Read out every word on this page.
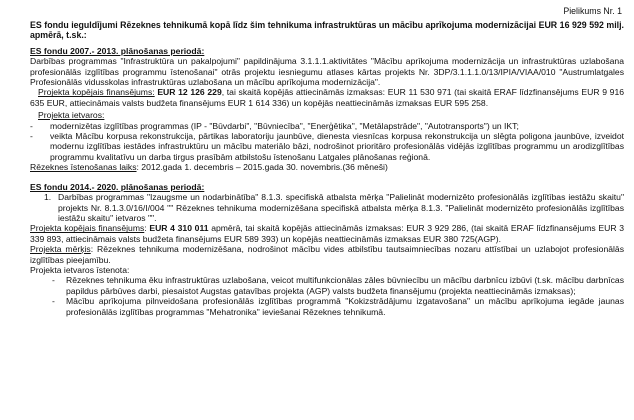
Pielikums Nr. 1

ES fondu ieguldījumi Rēzeknes tehnikumā kopā līdz šim tehnikuma infrastruktūras un mācību aprīkojuma modernizācijai EUR 16 929 592 milj. apmērā, t.sk.:

ES fondu 2007.- 2013. plānošanas periodā:

Darbības programmas "Infrastruktūra un pakalpojumi" papildinājuma 3.1.1.1.aktivitātes "Mācību aprīkojuma modernizācija un infrastruktūras uzlabošana profesionālās izglītības programmu īstenošanai" otrās projektu iesniegumu atlases kārtas projekts Nr. 3DP/3.1.1.1.0/13/IPIA/VIAA/010 "Austrumlatgales Profesionālās vidusskolas infrastruktūras uzlabošana un mācību aprīkojuma modernizācija".

Projekta kopējais finansējums: EUR 12 126 229, tai skaitā kopējās attiecināmās izmaksas: EUR 11 530 971 (tai skaitā ERAF līdzfinansējums EUR 9 916 635 EUR, attiecināmais valsts budžeta finansējums EUR 1 614 336) un kopējās neattiecināmās izmaksas EUR 595 258.

Projekta ietvaros:

-	modernizētas izglītības programmas (IP - "Būvdarbi", "Būvniecība", "Enerģētika", "Metālapstrāde", "Autotransports") un IKT;
-	veikta Mācību korpusa rekonstrukcija, pārtikas laboratoriju jaunbūve, dienesta viesnīcas korpusa rekonstrukcija un slēgta poligona jaunbūve, izveidot modernu izglītības iestādes infrastruktūru un mācību materiālo bāzi, nodrošinot prioritāro profesionālās vidējās izglītības programmu un arodizglītības programmu kvalitatīvu un darba tirgus prasībām atbilstošu īstenošanu Latgales plānošanas reģionā.

Rēzeknes īstenošanas laiks: 2012.gada 1. decembris – 2015.gada 30. novembris.(36 mēneši)

ES fondu 2014.- 2020. plānošanas periodā:

1. Darbības programmas "Izaugsme un nodarbinātība" 8.1.3. specifiskā atbalsta mērķa "Palielināt modernizēto profesionālās izglītības iestāžu skaitu" projekts Nr. 8.1.3.0/16/I/004 "" Rēzeknes tehnikuma modernizēšana specifiskā atbalsta mērķa 8.1.3. "Palielināt modernizēto profesionālās izglītības iestāžu skaitu" ietvaros "".

Projekta kopējais finansējums: EUR 4 310 011 apmērā, tai skaitā kopējās attiecināmās izmaksas: EUR 3 929 286, (tai skaitā ERAF līdzfinansējums EUR 3 339 893, attiecināmais valsts budžeta finansējums EUR 589 393) un kopējās neattiecināmās izmaksas EUR 380 725(AGP).

Projekta mērķis: Rēzeknes tehnikuma modernizēšana, nodrošinot mācību vides atbilstību tautsaimniecības nozaru attīstībai un uzlabojot profesionālās izglītības pieejamību.

Projekta ietvaros īstenota:

-	Rēzeknes tehnikuma ēku infrastruktūras uzlabošana, veicot multifunkcionālas zāles būvniecību un mācību darbnīcu izbūvi (t.sk. mācību darbnīcas papildus pārbūves darbi, piesaistot Augstas gatavības projekta (AGP) valsts budžeta finansējumu (projekta neattiecināmās izmaksas);
-	Mācību aprīkojuma pilnveidošana profesionālās izglītības programmā "Kokizstrādājumu izgatavošana" un mācību aprīkojuma iegāde jaunas profesionālās izglītības programmas "Mehatronika" ieviešanai Rēzeknes tehnikumā.
